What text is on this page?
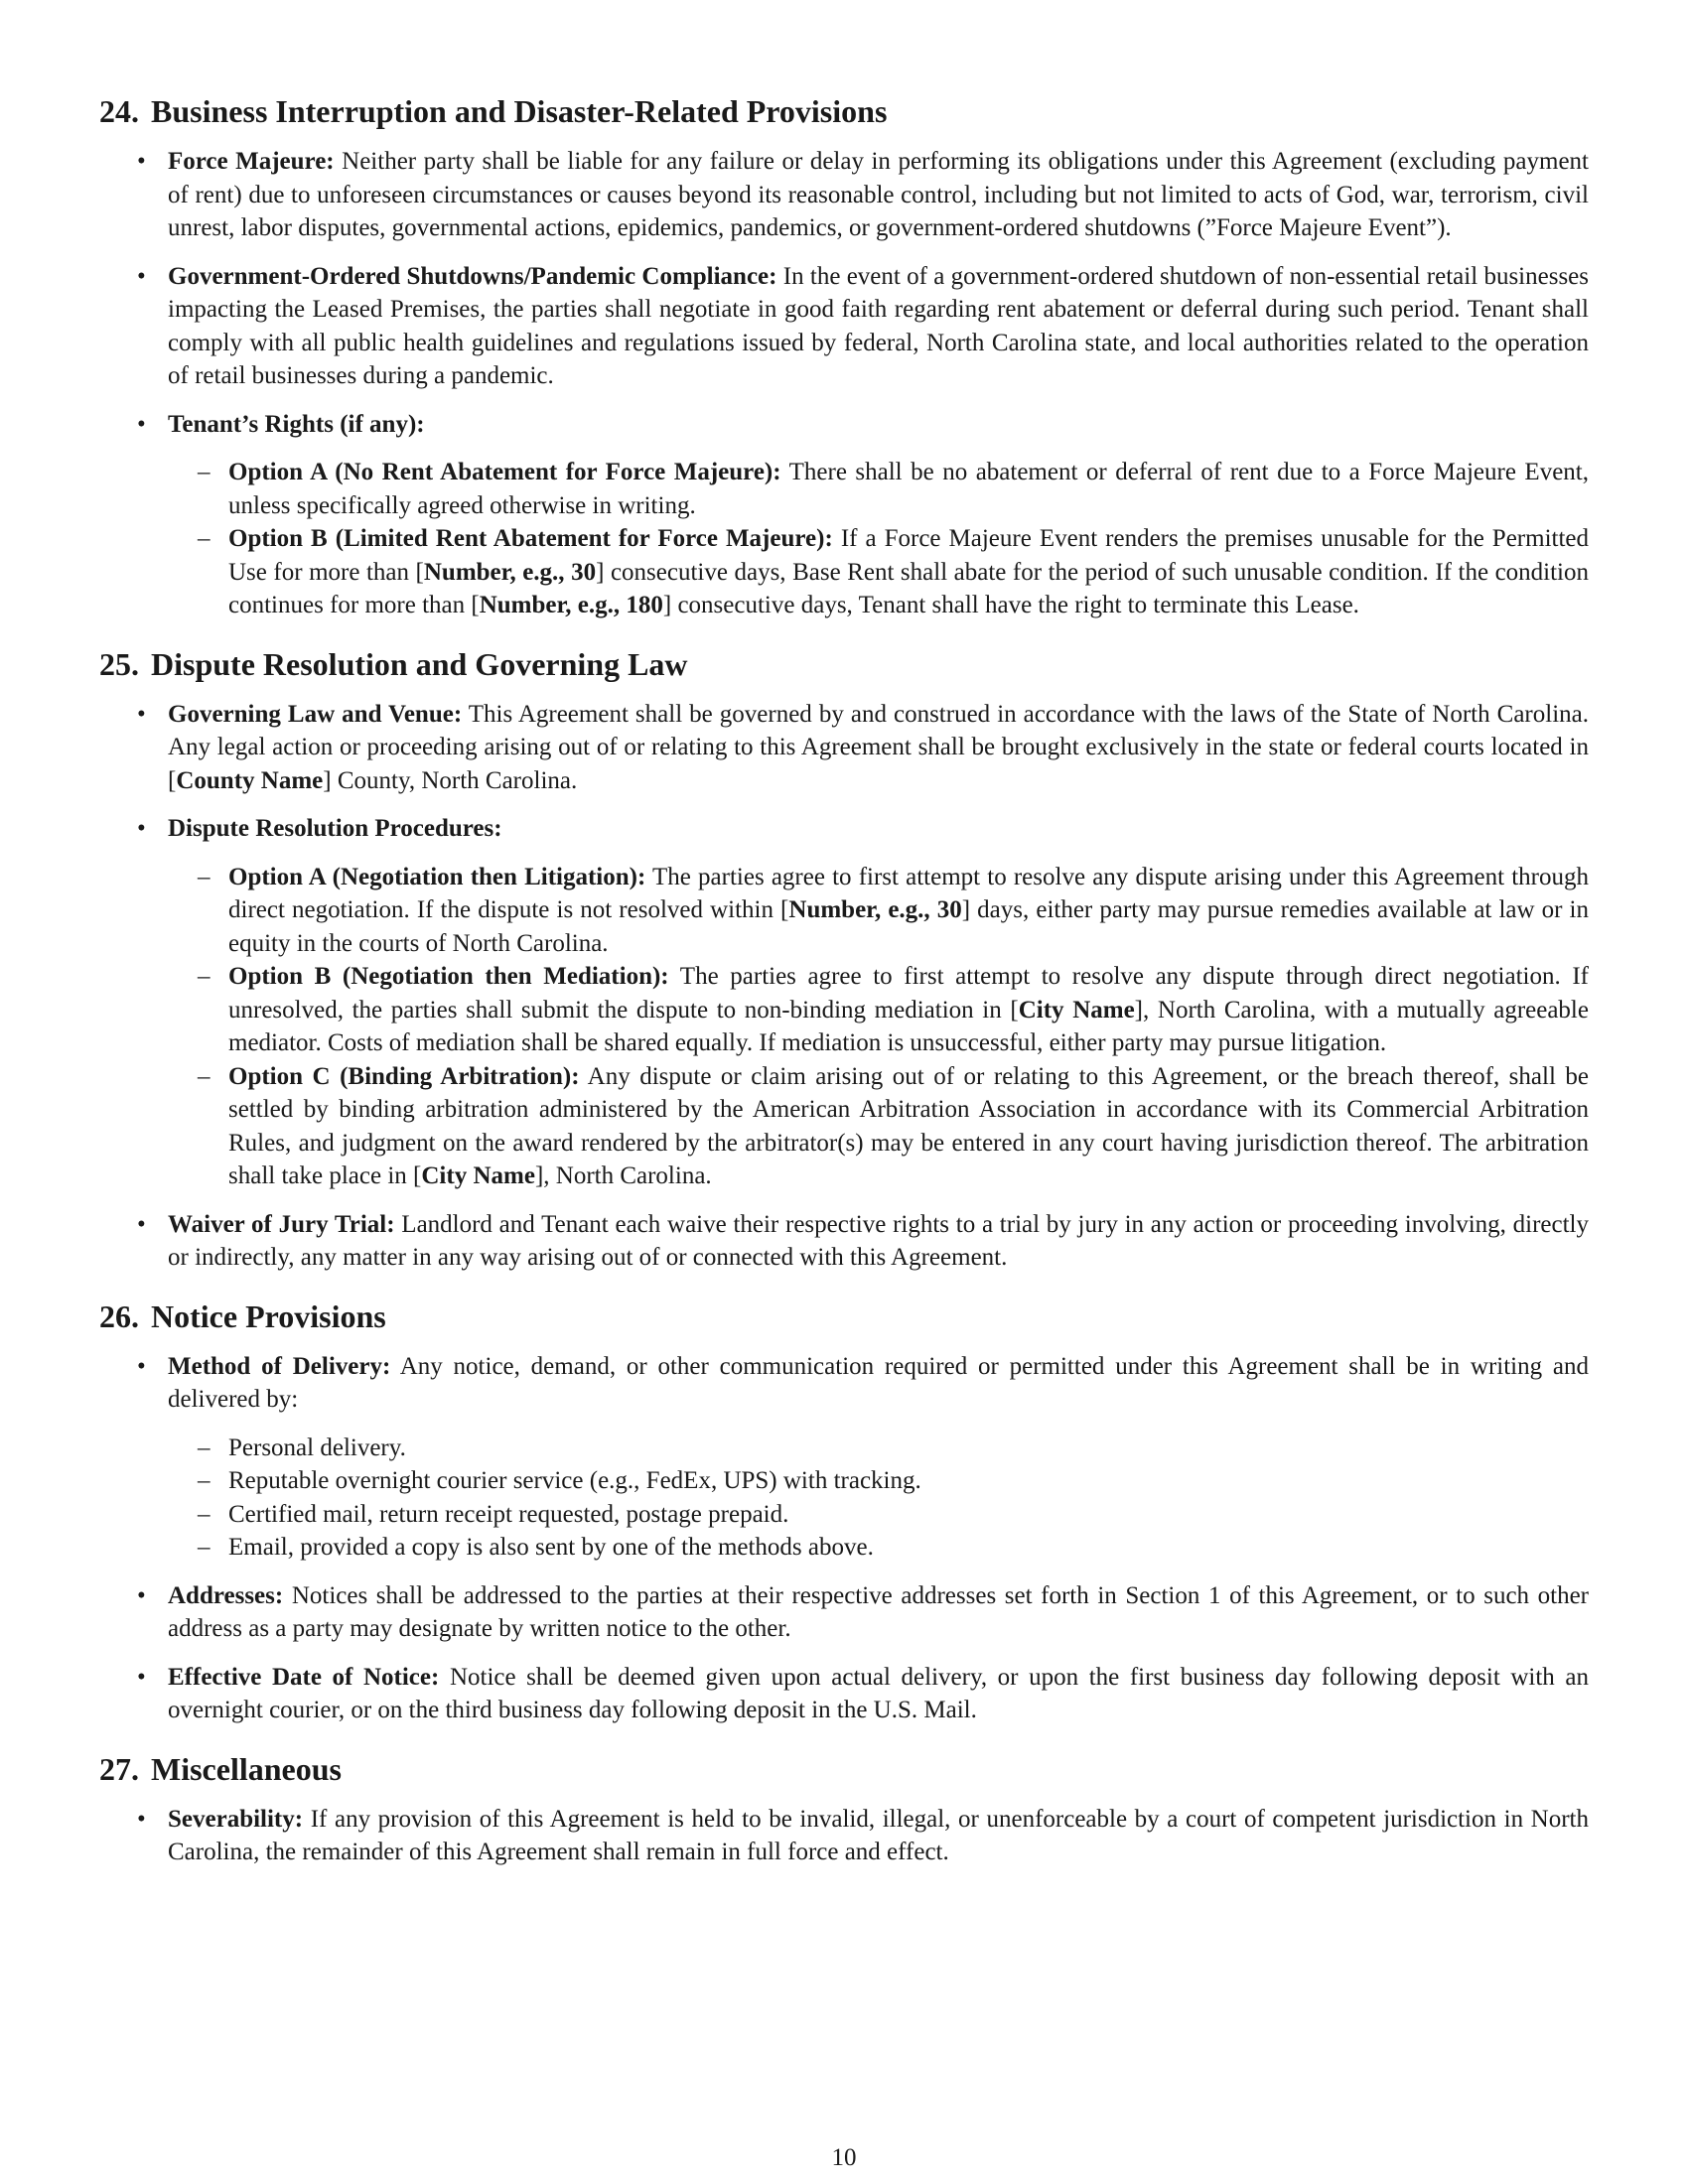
24. Business Interruption and Disaster-Related Provisions
• Force Majeure: Neither party shall be liable for any failure or delay in performing its obligations under this Agreement (excluding payment of rent) due to unforeseen circumstances or causes beyond its reasonable control, including but not limited to acts of God, war, terrorism, civil unrest, labor disputes, governmental actions, epidemics, pandemics, or government-ordered shutdowns (”Force Majeure Event”).
• Government-Ordered Shutdowns/Pandemic Compliance: In the event of a government-ordered shutdown of non-essential retail businesses impacting the Leased Premises, the parties shall negotiate in good faith regarding rent abatement or deferral during such period. Tenant shall comply with all public health guidelines and regulations issued by federal, North Carolina state, and local authorities related to the operation of retail businesses during a pandemic.
• Tenant’s Rights (if any):
– Option A (No Rent Abatement for Force Majeure): There shall be no abatement or deferral of rent due to a Force Majeure Event, unless specifically agreed otherwise in writing.
– Option B (Limited Rent Abatement for Force Majeure): If a Force Majeure Event renders the premises unusable for the Permitted Use for more than [Number, e.g., 30] consecutive days, Base Rent shall abate for the period of such unusable condition. If the condition continues for more than [Number, e.g., 180] consecutive days, Tenant shall have the right to terminate this Lease.
25. Dispute Resolution and Governing Law
• Governing Law and Venue: This Agreement shall be governed by and construed in accordance with the laws of the State of North Carolina. Any legal action or proceeding arising out of or relating to this Agreement shall be brought exclusively in the state or federal courts located in [County Name] County, North Carolina.
• Dispute Resolution Procedures:
– Option A (Negotiation then Litigation): The parties agree to first attempt to resolve any dispute arising under this Agreement through direct negotiation. If the dispute is not resolved within [Number, e.g., 30] days, either party may pursue remedies available at law or in equity in the courts of North Carolina.
– Option B (Negotiation then Mediation): The parties agree to first attempt to resolve any dispute through direct negotiation. If unresolved, the parties shall submit the dispute to non-binding mediation in [City Name], North Carolina, with a mutually agreeable mediator. Costs of mediation shall be shared equally. If mediation is unsuccessful, either party may pursue litigation.
– Option C (Binding Arbitration): Any dispute or claim arising out of or relating to this Agreement, or the breach thereof, shall be settled by binding arbitration administered by the American Arbitration Association in accordance with its Commercial Arbitration Rules, and judgment on the award rendered by the arbitrator(s) may be entered in any court having jurisdiction thereof. The arbitration shall take place in [City Name], North Carolina.
• Waiver of Jury Trial: Landlord and Tenant each waive their respective rights to a trial by jury in any action or proceeding involving, directly or indirectly, any matter in any way arising out of or connected with this Agreement.
26. Notice Provisions
• Method of Delivery: Any notice, demand, or other communication required or permitted under this Agreement shall be in writing and delivered by:
– Personal delivery.
– Reputable overnight courier service (e.g., FedEx, UPS) with tracking.
– Certified mail, return receipt requested, postage prepaid.
– Email, provided a copy is also sent by one of the methods above.
• Addresses: Notices shall be addressed to the parties at their respective addresses set forth in Section 1 of this Agreement, or to such other address as a party may designate by written notice to the other.
• Effective Date of Notice: Notice shall be deemed given upon actual delivery, or upon the first business day following deposit with an overnight courier, or on the third business day following deposit in the U.S. Mail.
27. Miscellaneous
• Severability: If any provision of this Agreement is held to be invalid, illegal, or unenforceable by a court of competent jurisdiction in North Carolina, the remainder of this Agreement shall remain in full force and effect.
10
